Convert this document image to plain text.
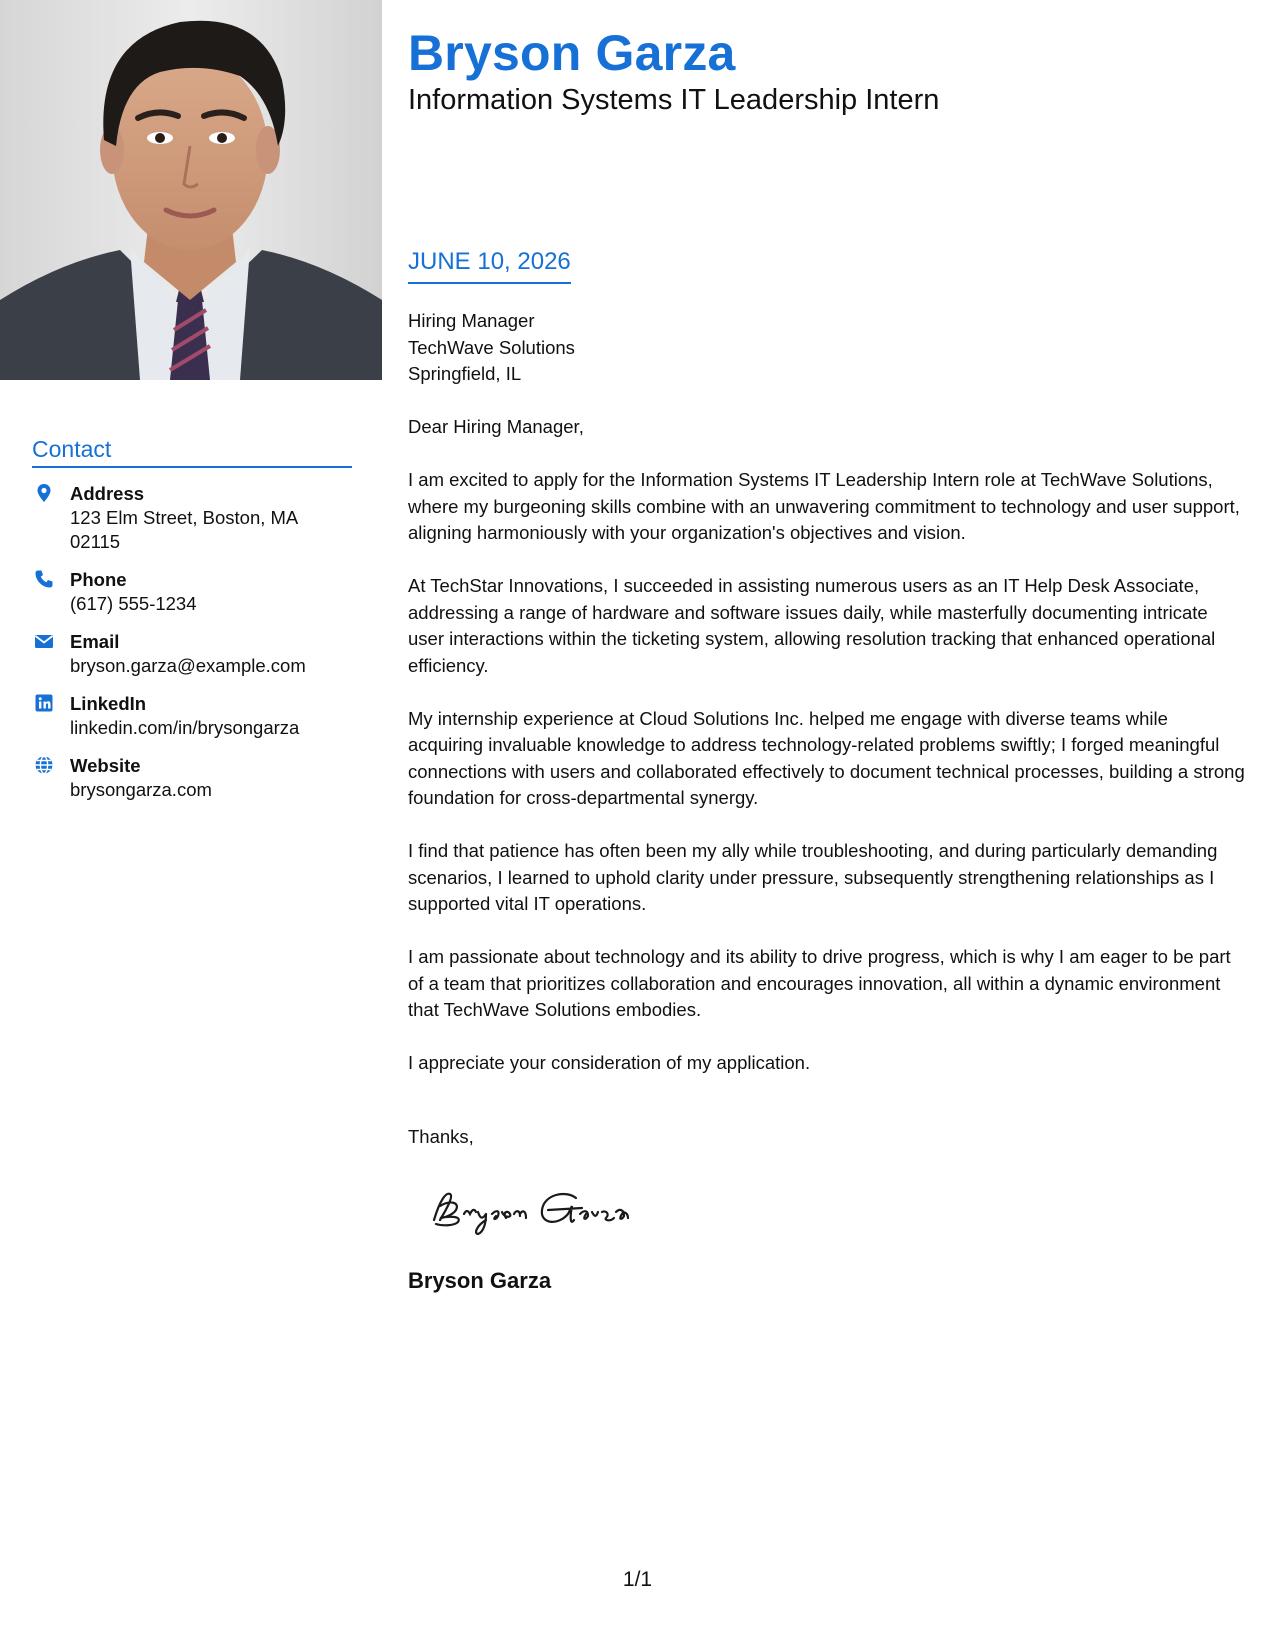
Contact
Address
123 Elm Street, Boston, MA 02115
Phone
(617) 555-1234
Email
bryson.garza@example.com
LinkedIn
linkedin.com/in/brysongarza
Website
brysongarza.com
Bryson Garza
Information Systems IT Leadership Intern
JUNE 10, 2026
Hiring Manager
TechWave Solutions
Springfield, IL

Dear Hiring Manager,

I am excited to apply for the Information Systems IT Leadership Intern role at TechWave Solutions, where my burgeoning skills combine with an unwavering commitment to technology and user support, aligning harmoniously with your organization's objectives and vision.

At TechStar Innovations, I succeeded in assisting numerous users as an IT Help Desk Associate, addressing a range of hardware and software issues daily, while masterfully documenting intricate user interactions within the ticketing system, allowing resolution tracking that enhanced operational efficiency.

My internship experience at Cloud Solutions Inc. helped me engage with diverse teams while acquiring invaluable knowledge to address technology-related problems swiftly; I forged meaningful connections with users and collaborated effectively to document technical processes, building a strong foundation for cross-departmental synergy.

I find that patience has often been my ally while troubleshooting, and during particularly demanding scenarios, I learned to uphold clarity under pressure, subsequently strengthening relationships as I supported vital IT operations.

I am passionate about technology and its ability to drive progress, which is why I am eager to be part of a team that prioritizes collaboration and encourages innovation, all within a dynamic environment that TechWave Solutions embodies.

I appreciate your consideration of my application.

Thanks,
Bryson Garza
1/1
